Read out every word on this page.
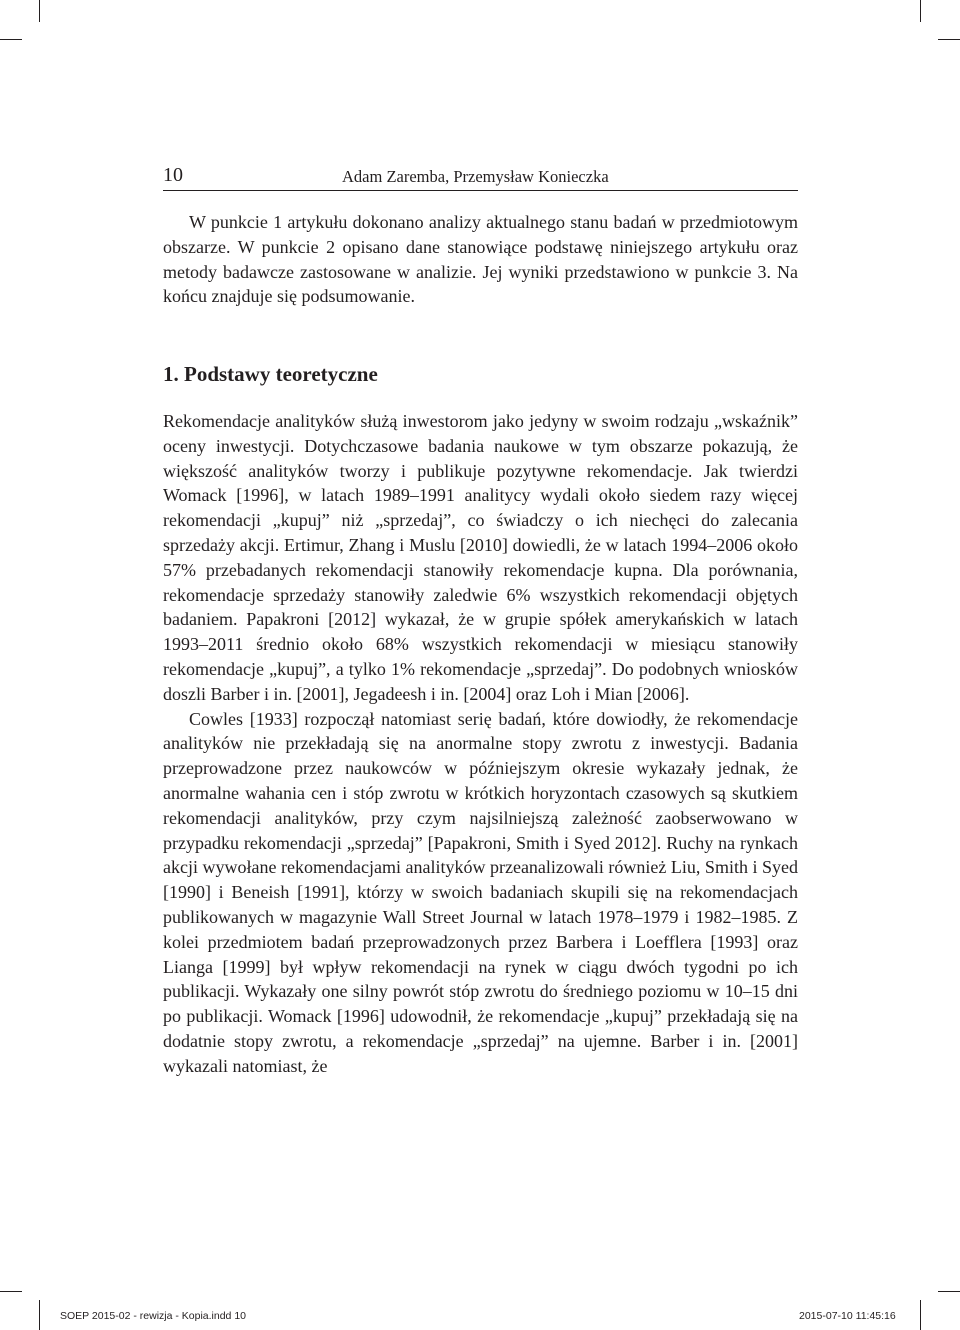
10	Adam Zaremba, Przemysław Konieczka

W punkcie 1 artykułu dokonano analizy aktualnego stanu badań w przedmiotowym obszarze. W punkcie 2 opisano dane stanowiące podstawę niniejszego artykułu oraz metody badawcze zastosowane w analizie. Jej wyniki przedstawiono w punkcie 3. Na końcu znajduje się podsumowanie.

1. Podstawy teoretyczne

Rekomendacje analityków służą inwestorom jako jedyny w swoim rodzaju „wskaźnik” oceny inwestycji. Dotychczasowe badania naukowe w tym obszarze pokazują, że większość analityków tworzy i publikuje pozytywne rekomendacje. Jak twierdzi Womack [1996], w latach 1989–1991 analitycy wydali około siedem razy więcej rekomendacji „kupuj” niż „sprzedaj”, co świadczy o ich niechęci do zalecania sprzedaży akcji. Ertimur, Zhang i Muslu [2010] dowiedli, że w latach 1994–2006 około 57% przebadanych rekomendacji stanowiły rekomendacje kupna. Dla porównania, rekomendacje sprzedaży stanowiły zaledwie 6% wszystkich rekomendacji objętych badaniem. Papakroni [2012] wykazał, że w grupie spółek amerykańskich w latach 1993–2011 średnio około 68% wszystkich rekomendacji w miesiącu stanowiły rekomendacje „kupuj”, a tylko 1% rekomendacje „sprzedaj”. Do podobnych wniosków doszli Barber i in. [2001], Jegadeesh i in. [2004] oraz Loh i Mian [2006].

Cowles [1933] rozpoczął natomiast serię badań, które dowiodły, że rekomendacje analityków nie przekładają się na anormalne stopy zwrotu z inwestycji. Badania przeprowadzone przez naukowców w późniejszym okresie wykazały jednak, że anormalne wahania cen i stóp zwrotu w krótkich horyzontach czasowych są skutkiem rekomendacji analityków, przy czym najsilniejszą zależność zaobserwowano w przypadku rekomendacji „sprzedaj” [Papakroni, Smith i Syed 2012]. Ruchy na rynkach akcji wywołane rekomendacjami analityków przeanalizowali również Liu, Smith i Syed [1990] i Beneish [1991], którzy w swoich badaniach skupili się na rekomendacjach publikowanych w magazynie Wall Street Journal w latach 1978–1979 i 1982–1985. Z kolei przedmiotem badań przeprowadzonych przez Barbera i Loefflera [1993] oraz Lianga [1999] był wpływ rekomendacji na rynek w ciągu dwóch tygodni po ich publikacji. Wykazały one silny powrót stóp zwrotu do średniego poziomu w 10–15 dni po publikacji. Womack [1996] udowodnił, że rekomendacje „kupuj” przekładają się na dodatnie stopy zwrotu, a rekomendacje „sprzedaj” na ujemne. Barber i in. [2001] wykazali natomiast, że

SOEP 2015-02 - rewizja - Kopia.indd 10	2015-07-10 11:45:16
